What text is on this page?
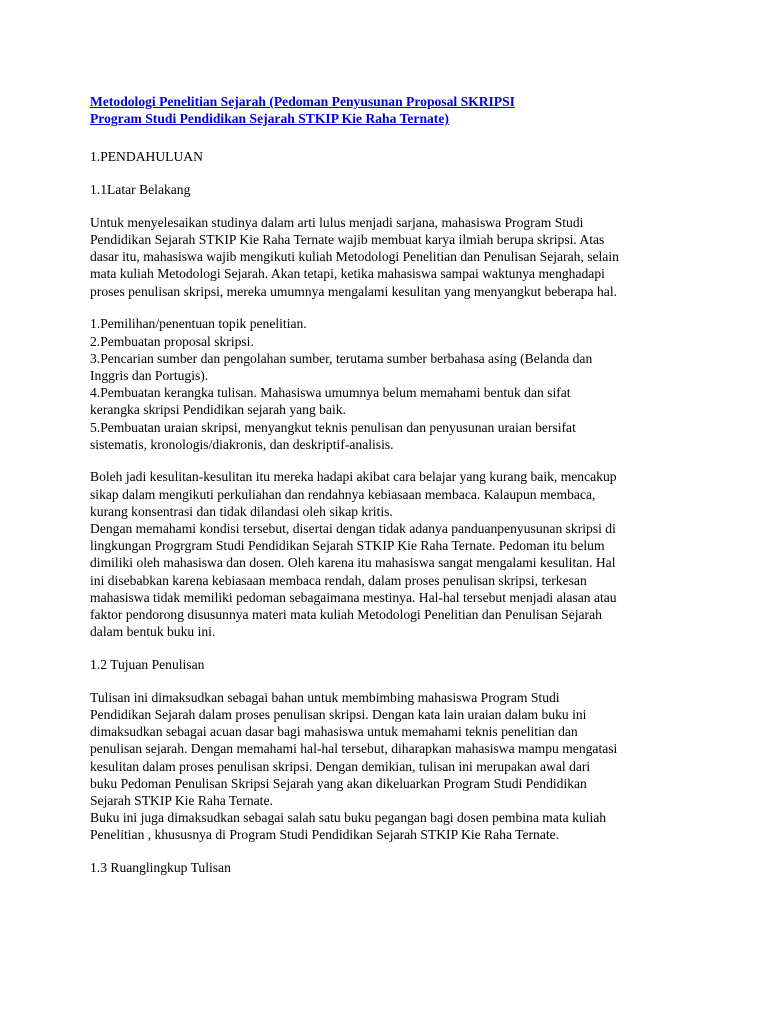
Metodologi Penelitian Sejarah (Pedoman Penyusunan Proposal SKRIPSI
Program Studi Pendidikan Sejarah STKIP Kie Raha Ternate)
1.PENDAHULUAN
1.1Latar Belakang
Untuk menyelesaikan studinya dalam arti lulus menjadi sarjana, mahasiswa Program Studi
Pendidikan Sejarah STKIP Kie Raha Ternate wajib membuat karya ilmiah berupa skripsi. Atas
dasar itu, mahasiswa wajib mengikuti kuliah Metodologi Penelitian dan Penulisan Sejarah, selain
mata kuliah Metodologi Sejarah. Akan tetapi, ketika mahasiswa sampai waktunya menghadapi
proses penulisan skripsi, mereka umumnya mengalami kesulitan yang menyangkut beberapa hal.
1.Pemilihan/penentuan topik penelitian.
2.Pembuatan proposal skripsi.
3.Pencarian sumber dan pengolahan sumber, terutama sumber berbahasa asing (Belanda dan
Inggris dan Portugis).
4.Pembuatan kerangka tulisan. Mahasiswa umumnya belum memahami bentuk dan sifat
kerangka skripsi Pendidikan sejarah yang baik.
5.Pembuatan uraian skripsi, menyangkut teknis penulisan dan penyusunan uraian bersifat
sistematis, kronologis/diakronis, dan deskriptif-analisis.
Boleh jadi kesulitan-kesulitan itu mereka hadapi akibat cara belajar yang kurang baik, mencakup
sikap dalam mengikuti perkuliahan dan rendahnya kebiasaan membaca. Kalaupun membaca,
kurang konsentrasi dan tidak dilandasi oleh sikap kritis.
Dengan memahami kondisi tersebut, disertai dengan tidak adanya panduanpenyusunan skripsi di
lingkungan Progrgram Studi Pendidikan Sejarah STKIP Kie Raha Ternate. Pedoman itu belum
dimiliki oleh mahasiswa dan dosen. Oleh karena itu mahasiswa sangat mengalami kesulitan. Hal
ini disebabkan karena kebiasaan membaca rendah, dalam proses penulisan skripsi, terkesan
mahasiswa tidak memiliki pedoman sebagaimana mestinya. Hal-hal tersebut menjadi alasan atau
faktor pendorong disusunnya materi mata kuliah Metodologi Penelitian dan Penulisan Sejarah
dalam bentuk buku ini.
1.2 Tujuan Penulisan
Tulisan ini dimaksudkan sebagai bahan untuk membimbing mahasiswa Program Studi
Pendidikan Sejarah dalam proses penulisan skripsi. Dengan kata lain uraian dalam buku ini
dimaksudkan sebagai acuan dasar bagi mahasiswa untuk memahami teknis penelitian dan
penulisan sejarah. Dengan memahami hal-hal tersebut, diharapkan mahasiswa mampu mengatasi
kesulitan dalam proses penulisan skripsi. Dengan demikian, tulisan ini merupakan awal dari
buku Pedoman Penulisan Skripsi Sejarah yang akan dikeluarkan Program Studi Pendidikan
Sejarah STKIP Kie Raha Ternate.
Buku ini juga dimaksudkan sebagai salah satu buku pegangan bagi dosen pembina mata kuliah
Penelitian , khususnya di Program Studi Pendidikan Sejarah STKIP Kie Raha Ternate.
1.3 Ruanglingkup Tulisan
